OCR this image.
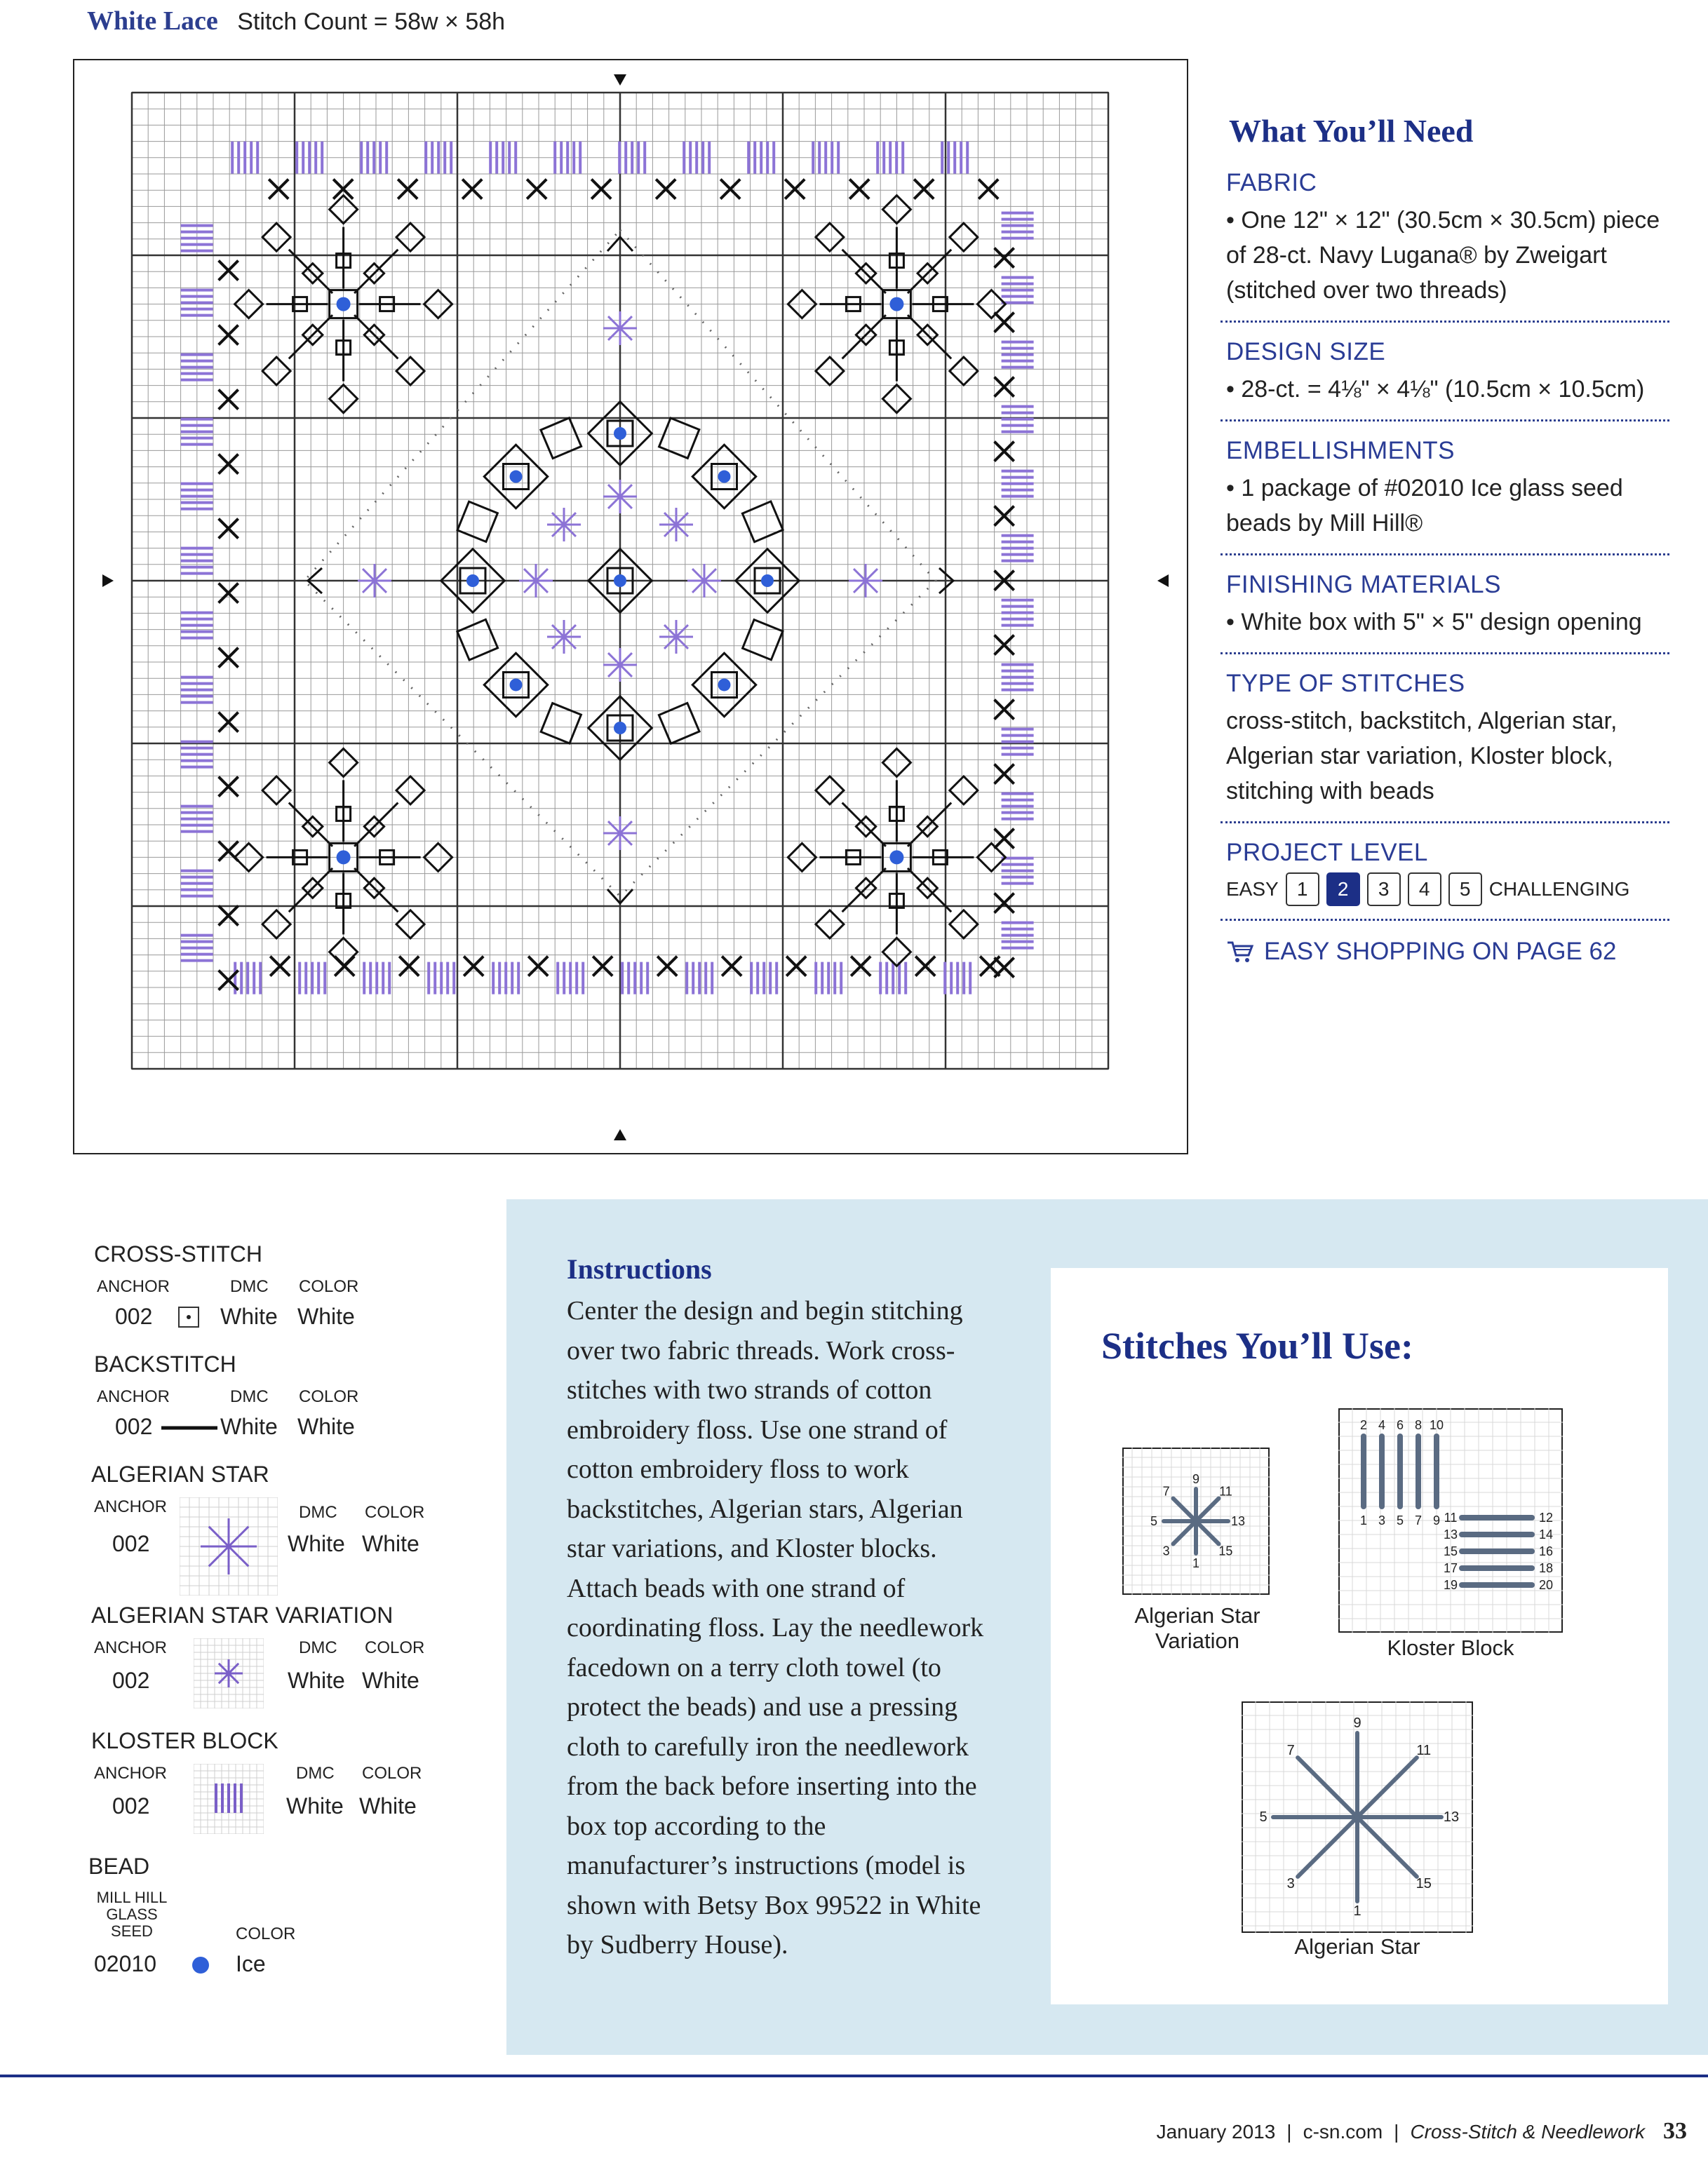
White Lace Stitch Count = 58w × 58h
What You’ll Need
FABRIC

• One 12" × 12" (30.5cm × 30.5cm) piece of 28-ct. Navy Lugana® by Zweigart (stitched over two threads)

DESIGN SIZE

• 28-ct. = 4⅛" × 4⅛" (10.5cm × 10.5cm)

EMBELLISHMENTS

• 1 package of #02010 Ice glass seed beads by Mill Hill®

FINISHING MATERIALS

• White box with 5" × 5" design opening

TYPE OF STITCHES

cross-stitch, backstitch, Algerian star, Algerian star variation, Kloster block, stitching with beads

PROJECT LEVEL
EASY 1	2	3	4	5 CHALLENGING
EASY SHOPPING ON PAGE 62
CROSS-STITCH
ANCHOR	DMC COLOR
002	White White
BACKSTITCH
ANCHOR	DMC COLOR
002	White White
ALGERIAN STAR
ANCHOR
002
DMC COLOR
White White
ALGERIAN STAR VARIATION
ANCHOR
002
DMC COLOR
White White
KLOSTER BLOCK
ANCHOR
002
DMC COLOR
White White
BEAD
MILL HILL GLASS SEED	COLOR
02010	Ice
Instructions

Center the design and begin stitching over two fabric threads. Work cross-stitches with two strands of cotton embroidery floss. Use one strand of cotton embroidery floss to work backstitches, Algerian stars, Algerian star variations, and Kloster blocks. Attach beads with one strand of coordinating floss. Lay the needlework facedown on a terry cloth towel (to protect the beads) and use a pressing cloth to carefully iron the needlework from the back before inserting into the box top according to the manufacturer’s instructions (model is shown with Betsy Box 99522 in White by Sudberry House).

Stitches You’ll Use:
9
11
13
15
1
3
5
7
Algerian Star Variation
2
1	11	12
4
3
13	14
6
5
15	16
8
7
17	18
10
9
19	20
Kloster Block
9
11
13
15
1
3
5
7
Algerian Star
January 2013 | c-sn.com | Cross-Stitch & Needlework 33
